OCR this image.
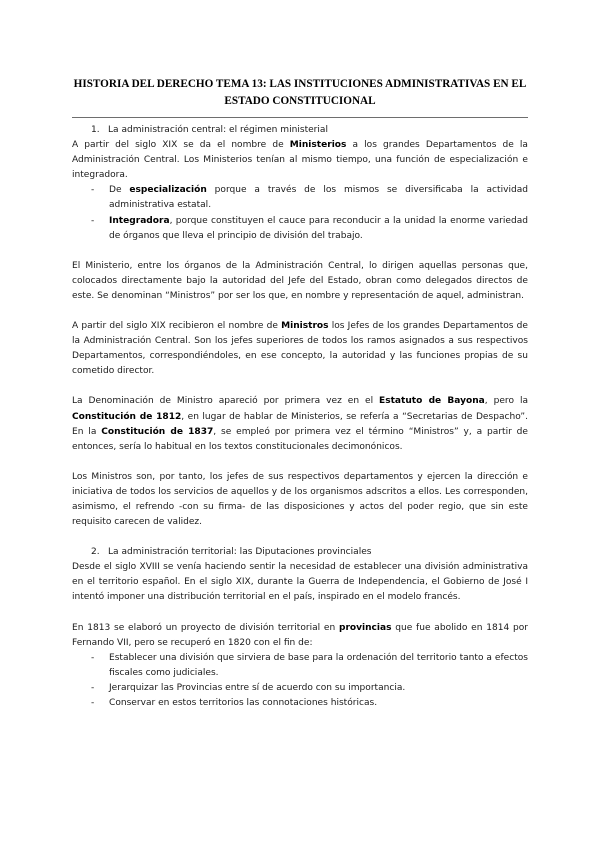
HISTORIA DEL DERECHO TEMA 13: LAS INSTITUCIONES ADMINISTRATIVAS EN EL ESTADO CONSTITUCIONAL
1. La administración central: el régimen ministerial

A partir del siglo XIX se da el nombre de Ministerios a los grandes Departamentos de la Administración Central. Los Ministerios tenían al mismo tiempo, una función de especialización e integradora.

- De especialización porque a través de los mismos se diversificaba la actividad administrativa estatal.
- Integradora, porque constituyen el cauce para reconducir a la unidad la enorme variedad de órganos que lleva el principio de división del trabajo.

El Ministerio, entre los órganos de la Administración Central, lo dirigen aquellas personas que, colocados directamente bajo la autoridad del Jefe del Estado, obran como delegados directos de este. Se denominan “Ministros” por ser los que, en nombre y representación de aquel, administran.

A partir del siglo XIX recibieron el nombre de Ministros los Jefes de los grandes Departamentos de la Administración Central. Son los jefes superiores de todos los ramos asignados a sus respectivos Departamentos, correspondiéndoles, en ese concepto, la autoridad y las funciones propias de su cometido director.

La Denominación de Ministro apareció por primera vez en el Estatuto de Bayona, pero la Constitución de 1812, en lugar de hablar de Ministerios, se refería a “Secretarias de Despacho”. En la Constitución de 1837, se empleó por primera vez el término “Ministros” y, a partir de entonces, sería lo habitual en los textos constitucionales decimonónicos.

Los Ministros son, por tanto, los jefes de sus respectivos departamentos y ejercen la dirección e iniciativa de todos los servicios de aquellos y de los organismos adscritos a ellos. Les corresponden, asimismo, el refrendo -con su firma- de las disposiciones y actos del poder regio, que sin este requisito carecen de validez.

2. La administración territorial: las Diputaciones provinciales

Desde el siglo XVIII se venía haciendo sentir la necesidad de establecer una división administrativa en el territorio español. En el siglo XIX, durante la Guerra de Independencia, el Gobierno de José I intentó imponer una distribución territorial en el país, inspirado en el modelo francés.

En 1813 se elaboró un proyecto de división territorial en provincias que fue abolido en 1814 por Fernando VII, pero se recuperó en 1820 con el fin de:

- Establecer una división que sirviera de base para la ordenación del territorio tanto a efectos fiscales como judiciales.
- Jerarquizar las Provincias entre sí de acuerdo con su importancia.
- Conservar en estos territorios las connotaciones históricas.
